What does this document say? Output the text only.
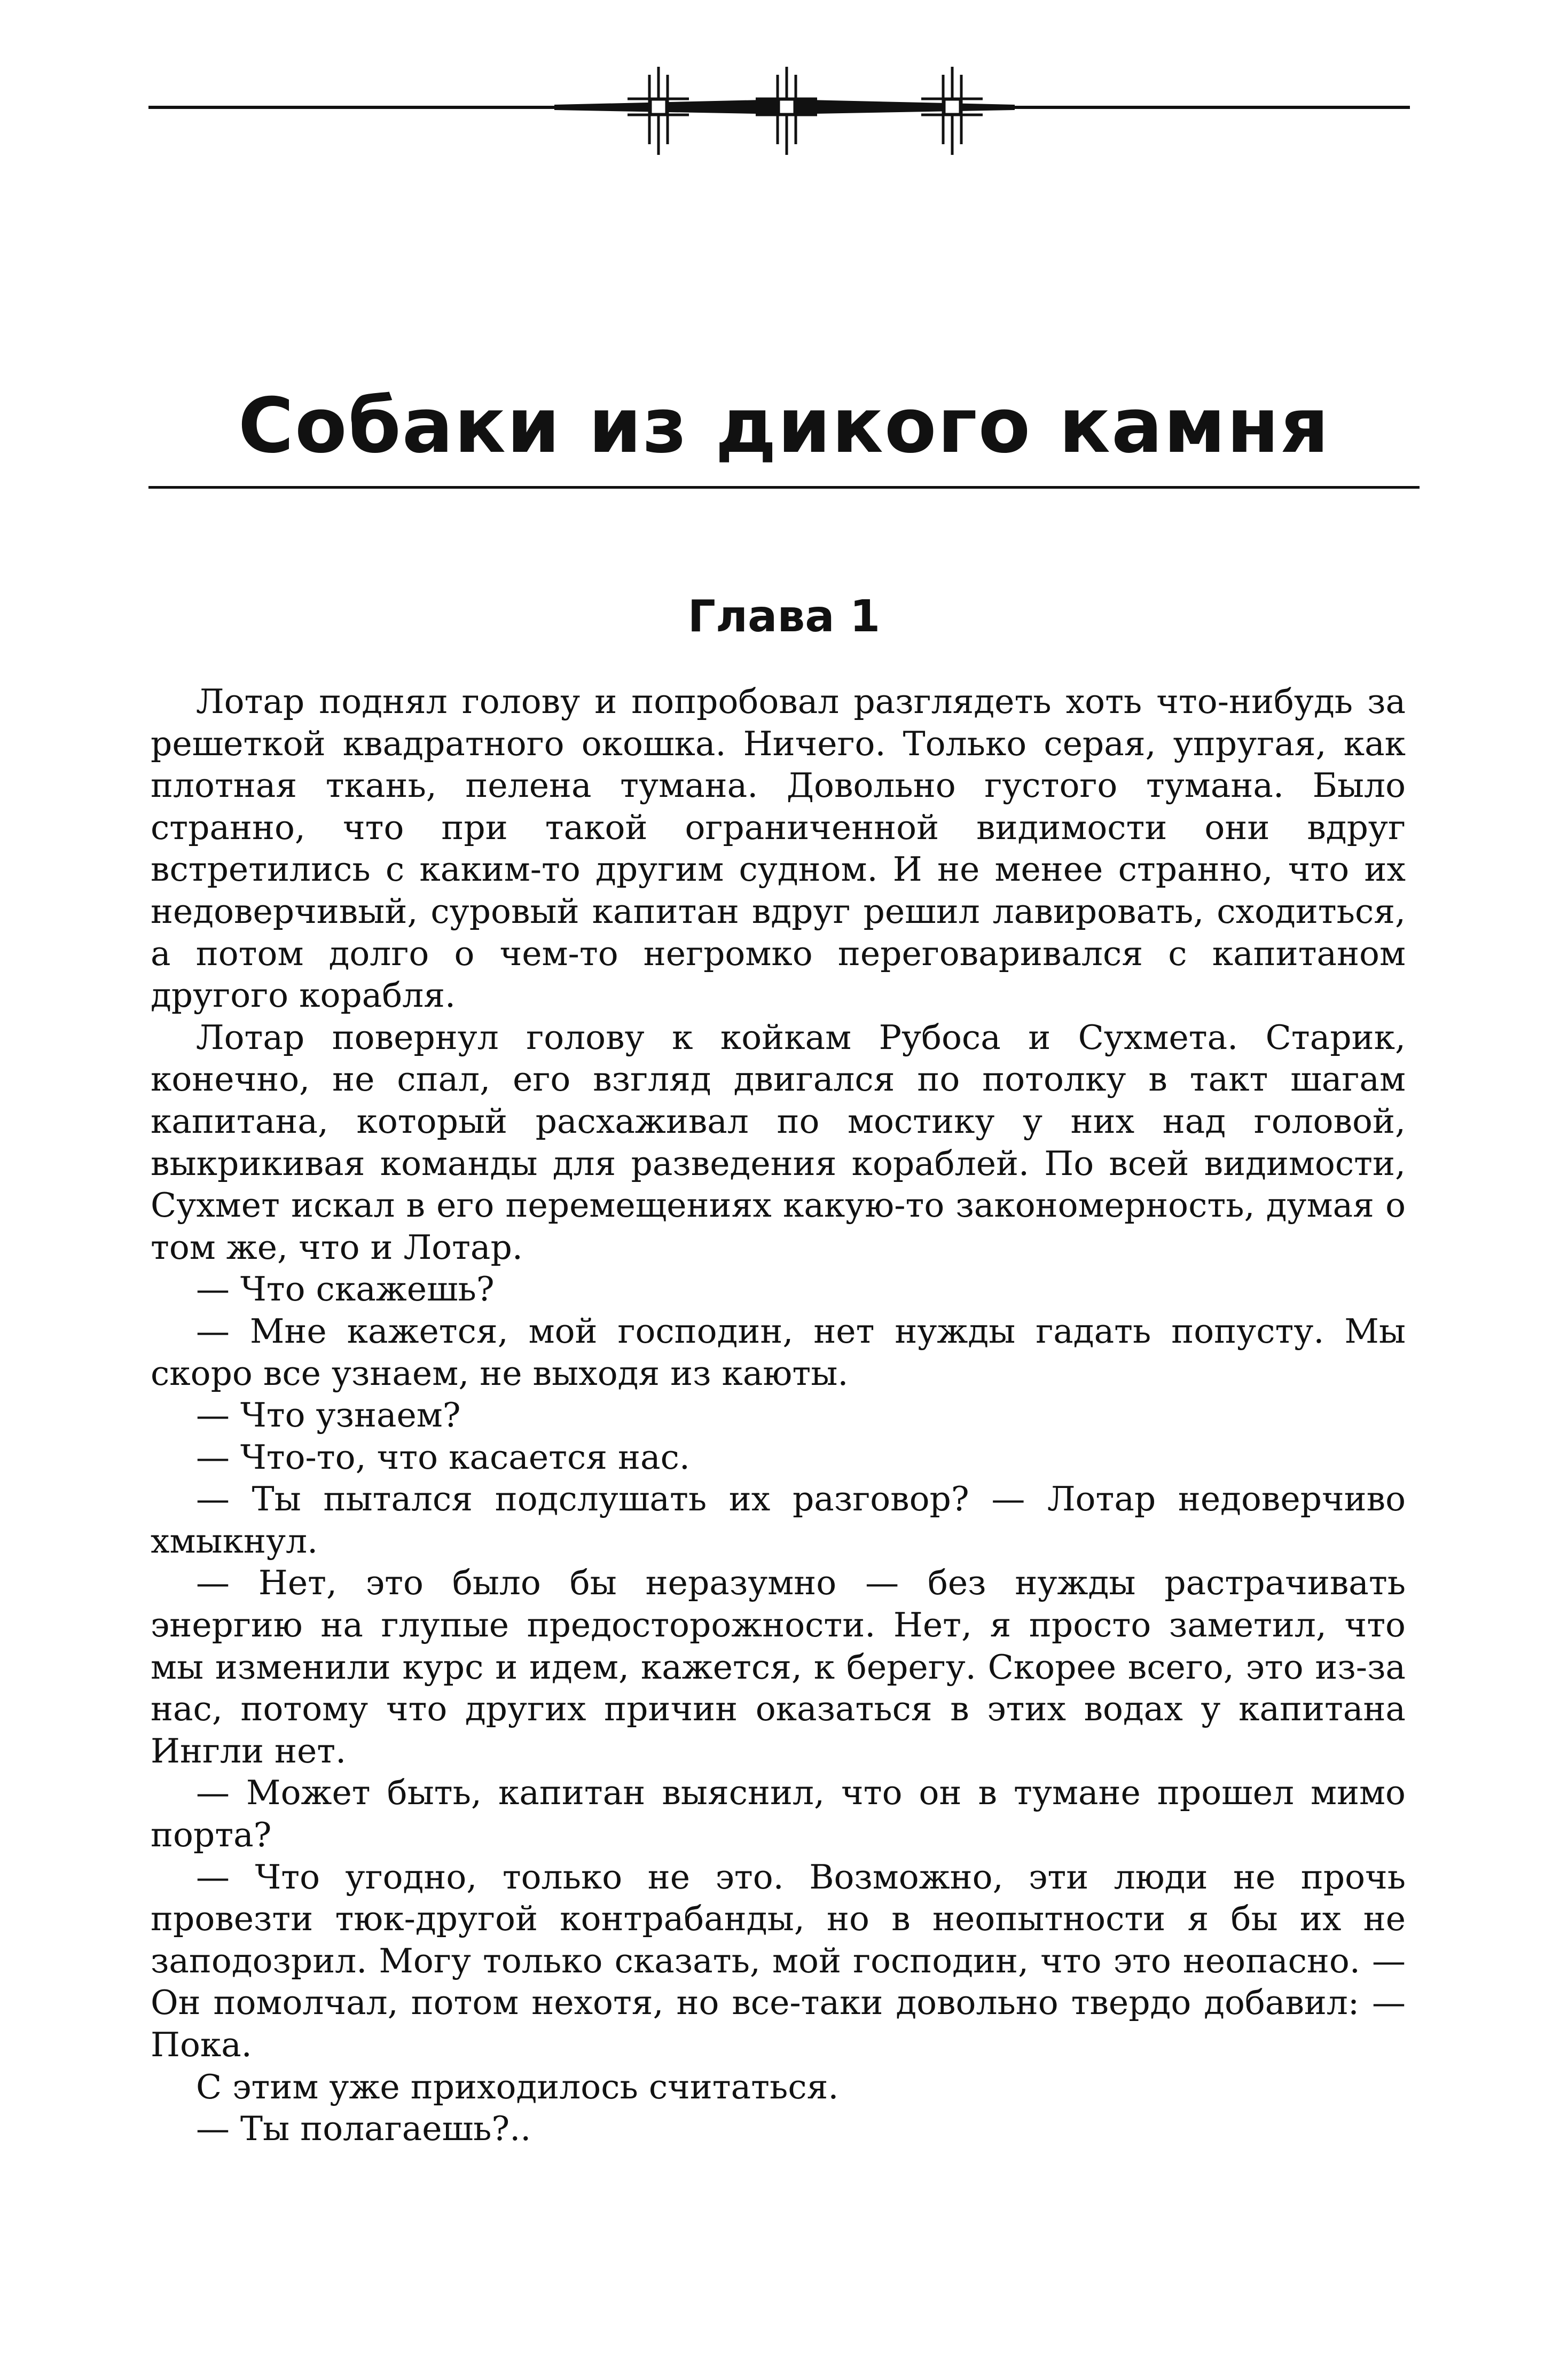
Собаки из дикого камня
Глава 1

Лотар поднял голову и попробовал разглядеть хоть что-нибудь за решеткой квадратного окошка. Ничего. Только серая, упругая, как плотная ткань, пелена тумана. Довольно густого тумана. Было странно, что при такой ограниченной видимости они вдруг встретились с каким-то другим судном. И не менее странно, что их недоверчивый, суровый капитан вдруг решил лавировать, сходиться, а потом долго о чем-то негромко переговаривался с капитаном другого корабля.

Лотар повернул голову к койкам Рубоса и Сухмета. Старик, конечно, не спал, его взгляд двигался по потолку в такт шагам капитана, который расхаживал по мостику у них над головой, выкрикивая команды для разведения кораблей. По всей видимости, Сухмет искал в его перемещениях какую-то закономерность, думая о том же, что и Лотар.

— Что скажешь?

— Мне кажется, мой господин, нет нужды гадать попусту. Мы скоро все узнаем, не выходя из каюты.

— Что узнаем?

— Что-то, что касается нас.

— Ты пытался подслушать их разговор? — Лотар недоверчиво хмыкнул.

— Нет, это было бы неразумно — без нужды растрачивать энергию на глупые предосторожности. Нет, я просто заметил, что мы изменили курс и идем, кажется, к берегу. Скорее всего, это из-за нас, потому что других причин оказаться в этих водах у капитана Ингли нет.

— Может быть, капитан выяснил, что он в тумане прошел мимо порта?

— Что угодно, только не это. Возможно, эти люди не прочь провезти тюк-другой контрабанды, но в неопытности я бы их не заподозрил. Могу только сказать, мой господин, что это неопасно. — Он помолчал, потом нехотя, но все-таки довольно твердо добавил: — Пока.

С этим уже приходилось считаться.

— Ты полагаешь?..
